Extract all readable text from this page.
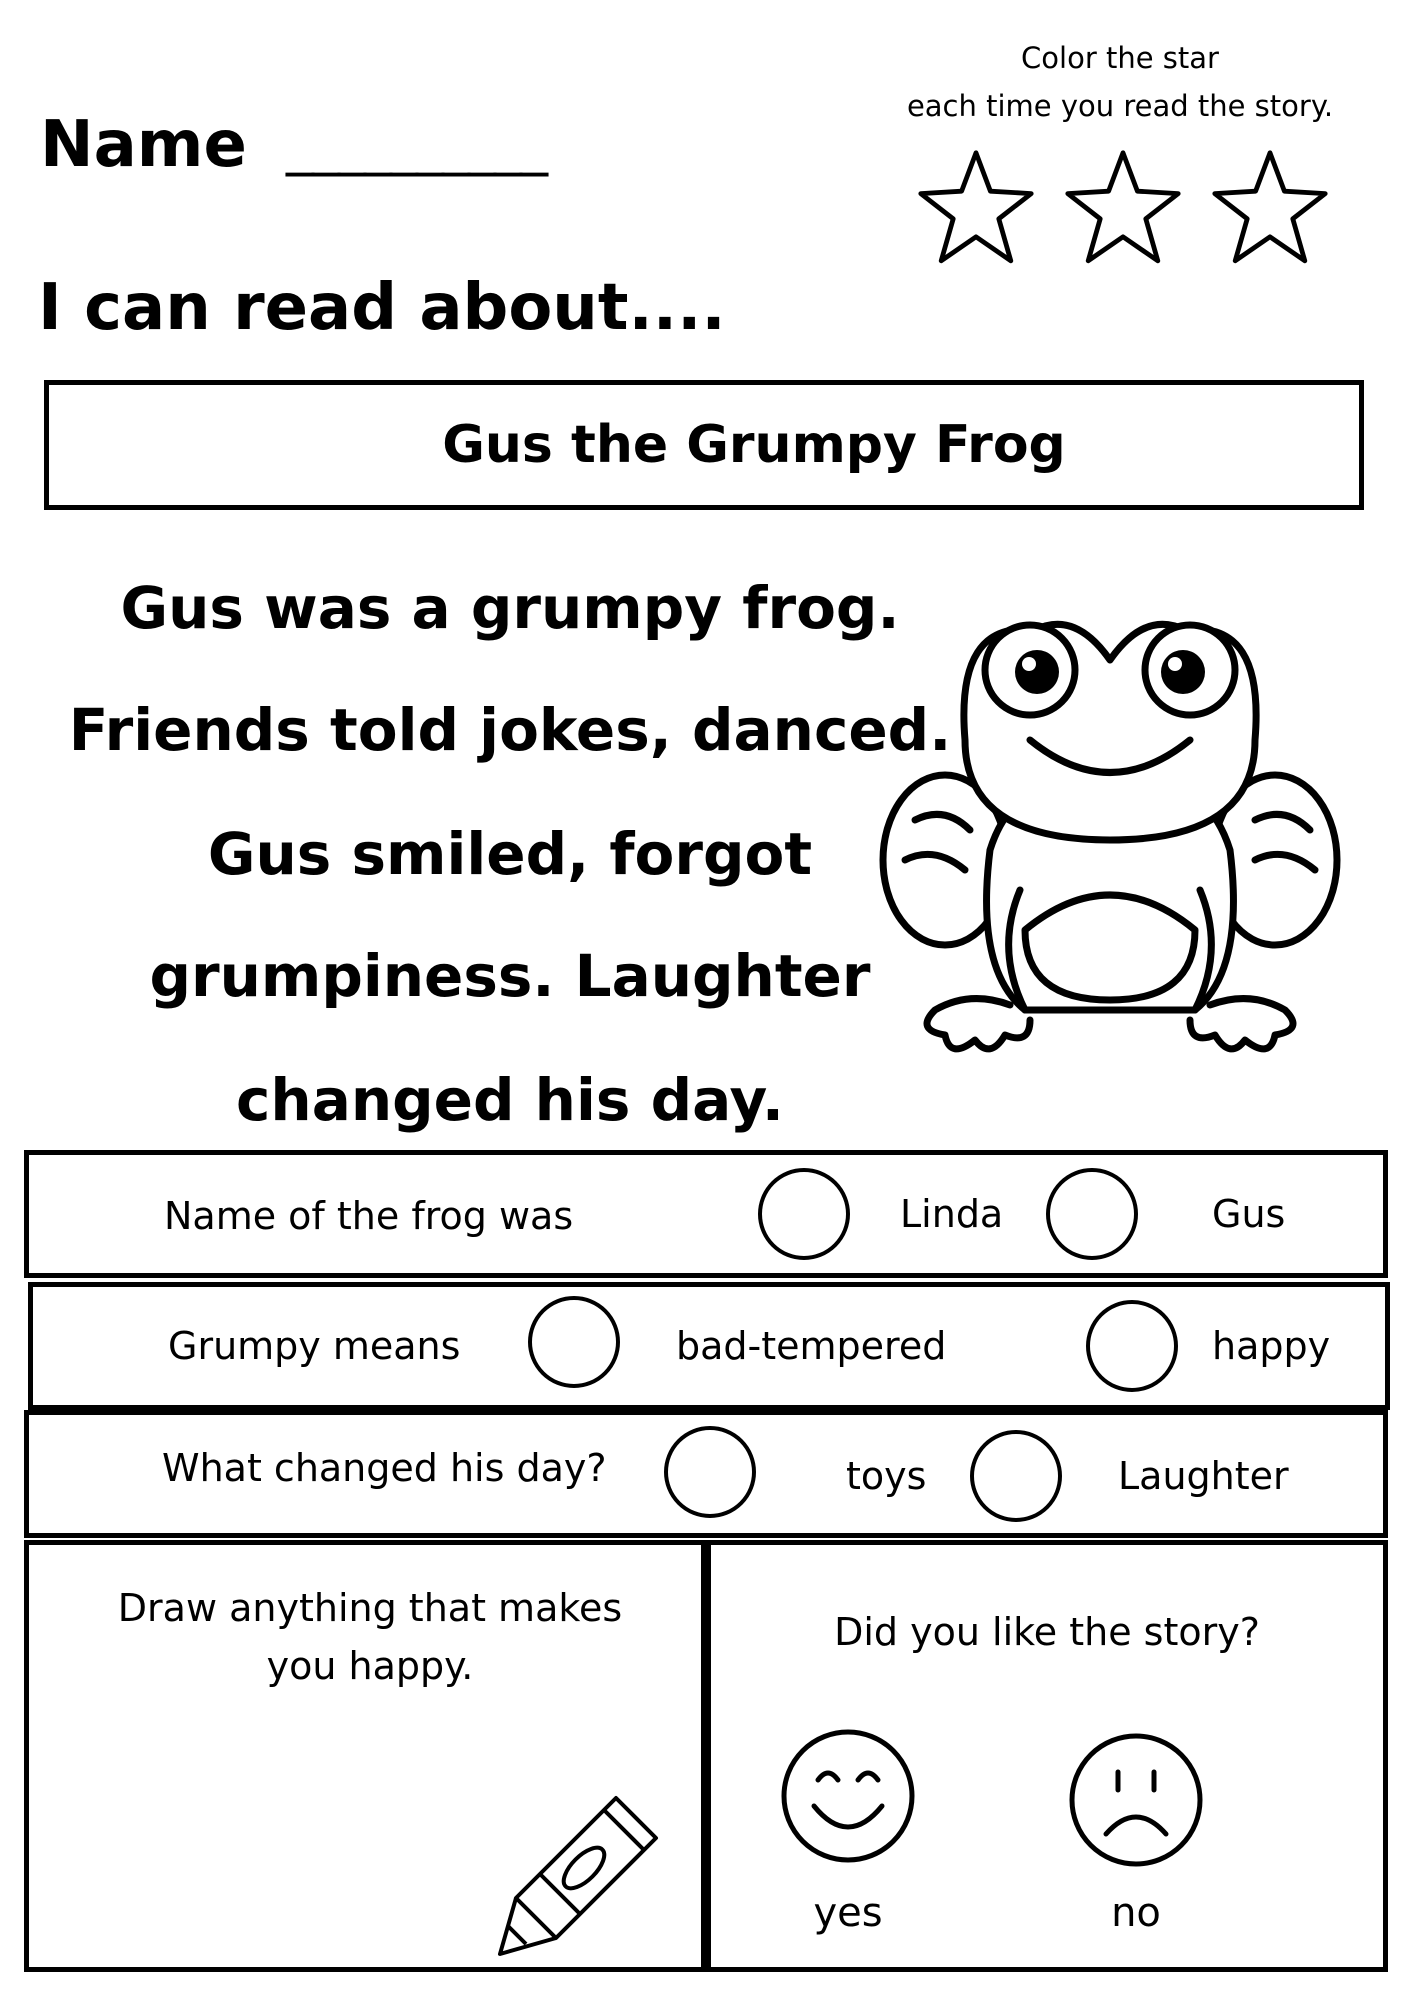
Name __________
Color the star
each time you read the story.
I can read about....
Gus the Grumpy Frog
Gus was a grumpy frog.
Friends told jokes, danced.
Gus smiled, forgot
grumpiness. Laughter
changed his day.
Name of the frog was	Linda	Gus
Grumpy means	bad-tempered	happy
What changed his day?	toys	Laughter
Draw anything that makes
you happy.
Did you like the story?
yes	no
